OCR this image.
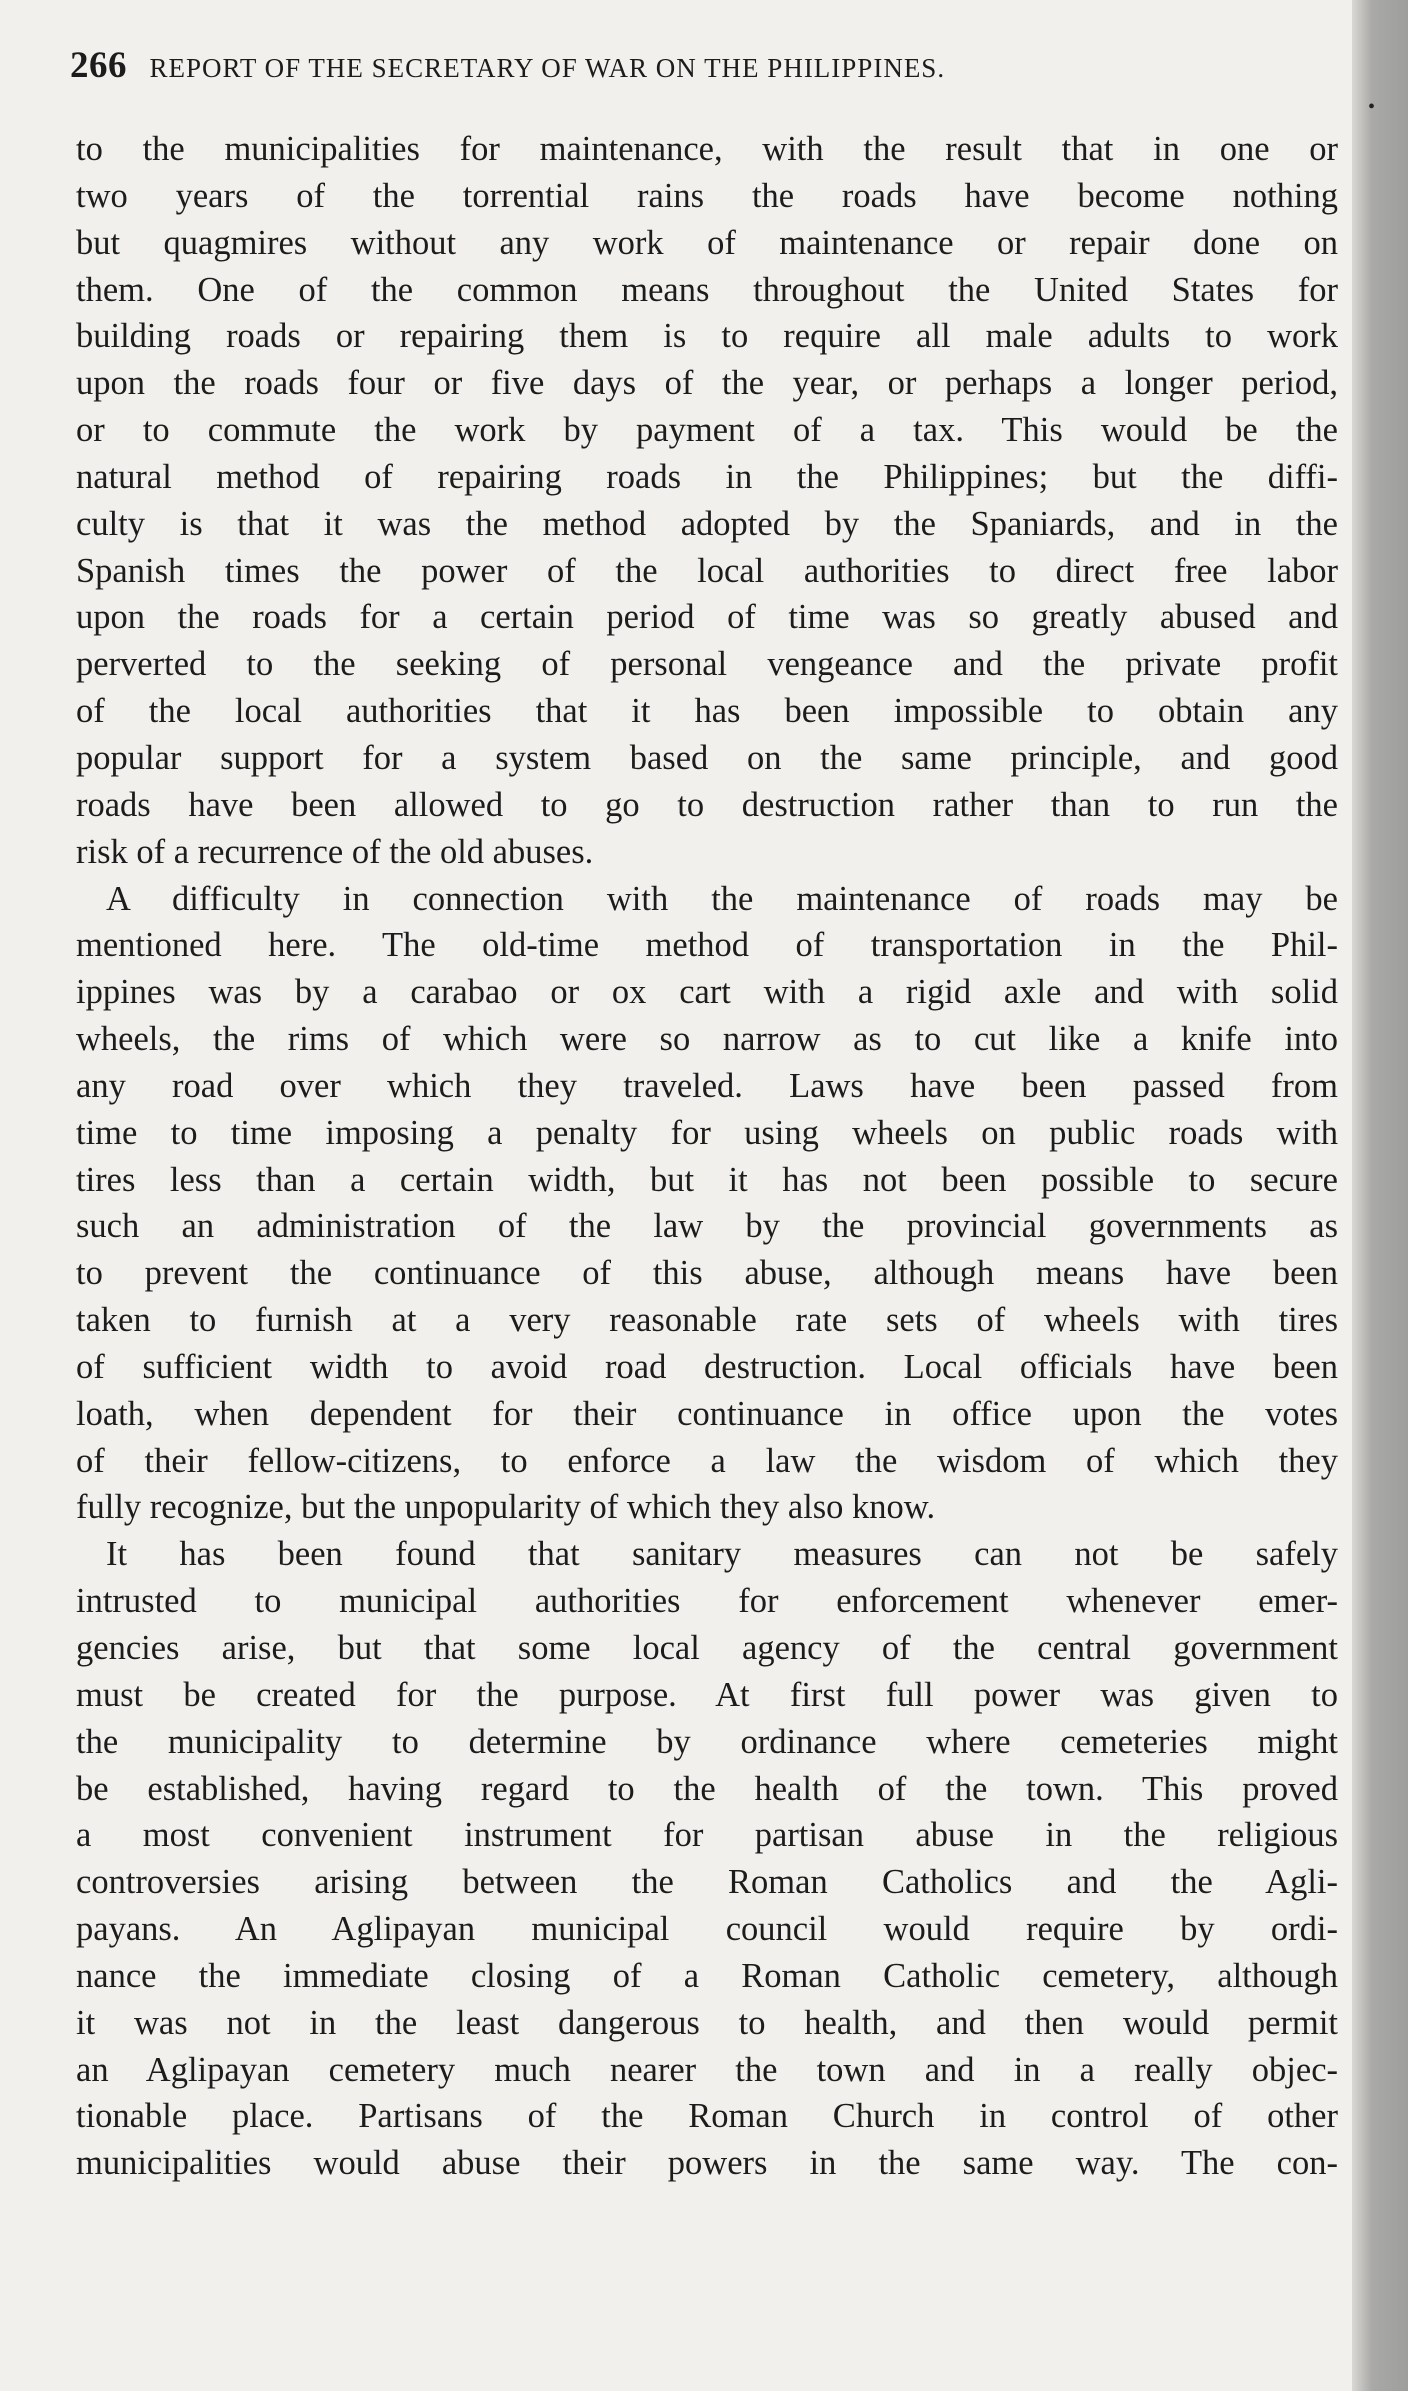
266 REPORT OF THE SECRETARY OF WAR ON THE PHILIPPINES.
to the municipalities for maintenance, with the result that in one or
two years of the torrential rains the roads have become nothing
but quagmires without any work of maintenance or repair done on
them. One of the common means throughout the United States for
building roads or repairing them is to require all male adults to work
upon the roads four or five days of the year, or perhaps a longer period,
or to commute the work by payment of a tax. This would be the
natural method of repairing roads in the Philippines; but the diffi-
culty is that it was the method adopted by the Spaniards, and in the
Spanish times the power of the local authorities to direct free labor
upon the roads for a certain period of time was so greatly abused and
perverted to the seeking of personal vengeance and the private profit
of the local authorities that it has been impossible to obtain any
popular support for a system based on the same principle, and good
roads have been allowed to go to destruction rather than to run the
risk of a recurrence of the old abuses.
A difficulty in connection with the maintenance of roads may be
mentioned here. The old-time method of transportation in the Phil-
ippines was by a carabao or ox cart with a rigid axle and with solid
wheels, the rims of which were so narrow as to cut like a knife into
any road over which they traveled. Laws have been passed from
time to time imposing a penalty for using wheels on public roads with
tires less than a certain width, but it has not been possible to secure
such an administration of the law by the provincial governments as
to prevent the continuance of this abuse, although means have been
taken to furnish at a very reasonable rate sets of wheels with tires
of sufficient width to avoid road destruction. Local officials have been
loath, when dependent for their continuance in office upon the votes
of their fellow-citizens, to enforce a law the wisdom of which they
fully recognize, but the unpopularity of which they also know.
It has been found that sanitary measures can not be safely
intrusted to municipal authorities for enforcement whenever emer-
gencies arise, but that some local agency of the central government
must be created for the purpose. At first full power was given to
the municipality to determine by ordinance where cemeteries might
be established, having regard to the health of the town. This proved
a most convenient instrument for partisan abuse in the religious
controversies arising between the Roman Catholics and the Agli-
payans. An Aglipayan municipal council would require by ordi-
nance the immediate closing of a Roman Catholic cemetery, although
it was not in the least dangerous to health, and then would permit
an Aglipayan cemetery much nearer the town and in a really objec-
tionable place. Partisans of the Roman Church in control of other
municipalities would abuse their powers in the same way. The con-
•
